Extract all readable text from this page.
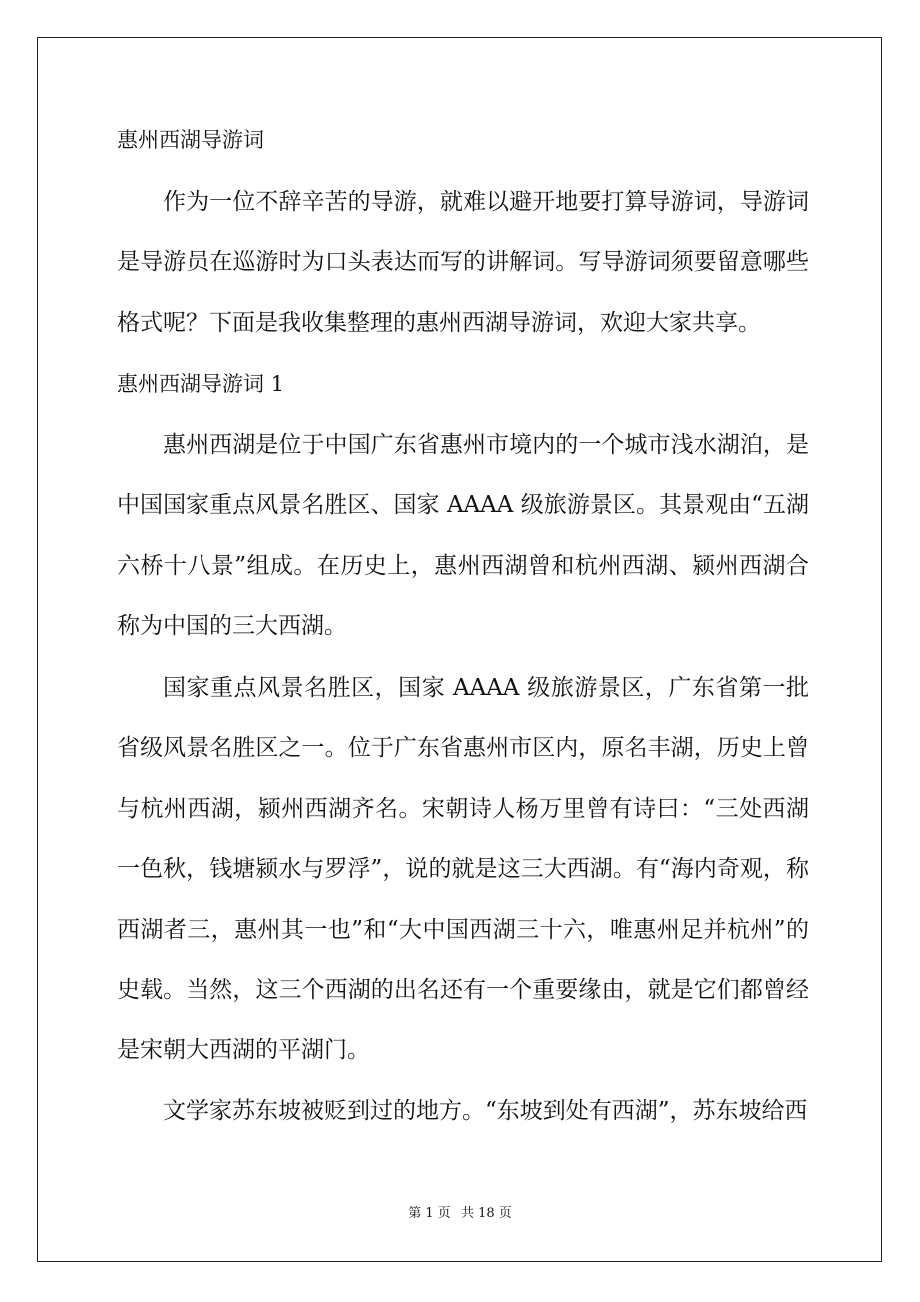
惠州西湖导游词

作为一位不辞辛苦的导游，就难以避开地要打算导游词，导游词是导游员在巡游时为口头表达而写的讲解词。写导游词须要留意哪些格式呢？下面是我收集整理的惠州西湖导游词，欢迎大家共享。

惠州西湖导游词 1

惠州西湖是位于中国广东省惠州市境内的一个城市浅水湖泊，是中国国家重点风景名胜区、国家 AAAA 级旅游景区。其景观由“五湖六桥十八景”组成。在历史上，惠州西湖曾和杭州西湖、颍州西湖合称为中国的三大西湖。

国家重点风景名胜区，国家 AAAA 级旅游景区，广东省第一批省级风景名胜区之一。位于广东省惠州市区内，原名丰湖，历史上曾与杭州西湖，颍州西湖齐名。宋朝诗人杨万里曾有诗曰：“三处西湖一色秋，钱塘颍水与罗浮”，说的就是这三大西湖。有“海内奇观，称西湖者三，惠州其一也”和“大中国西湖三十六，唯惠州足并杭州”的史载。当然，这三个西湖的出名还有一个重要缘由，就是它们都曾经是宋朝大西湖的平湖门。

文学家苏东坡被贬到过的地方。“东坡到处有西湖”，苏东坡给西

第 1 页 共 18 页
